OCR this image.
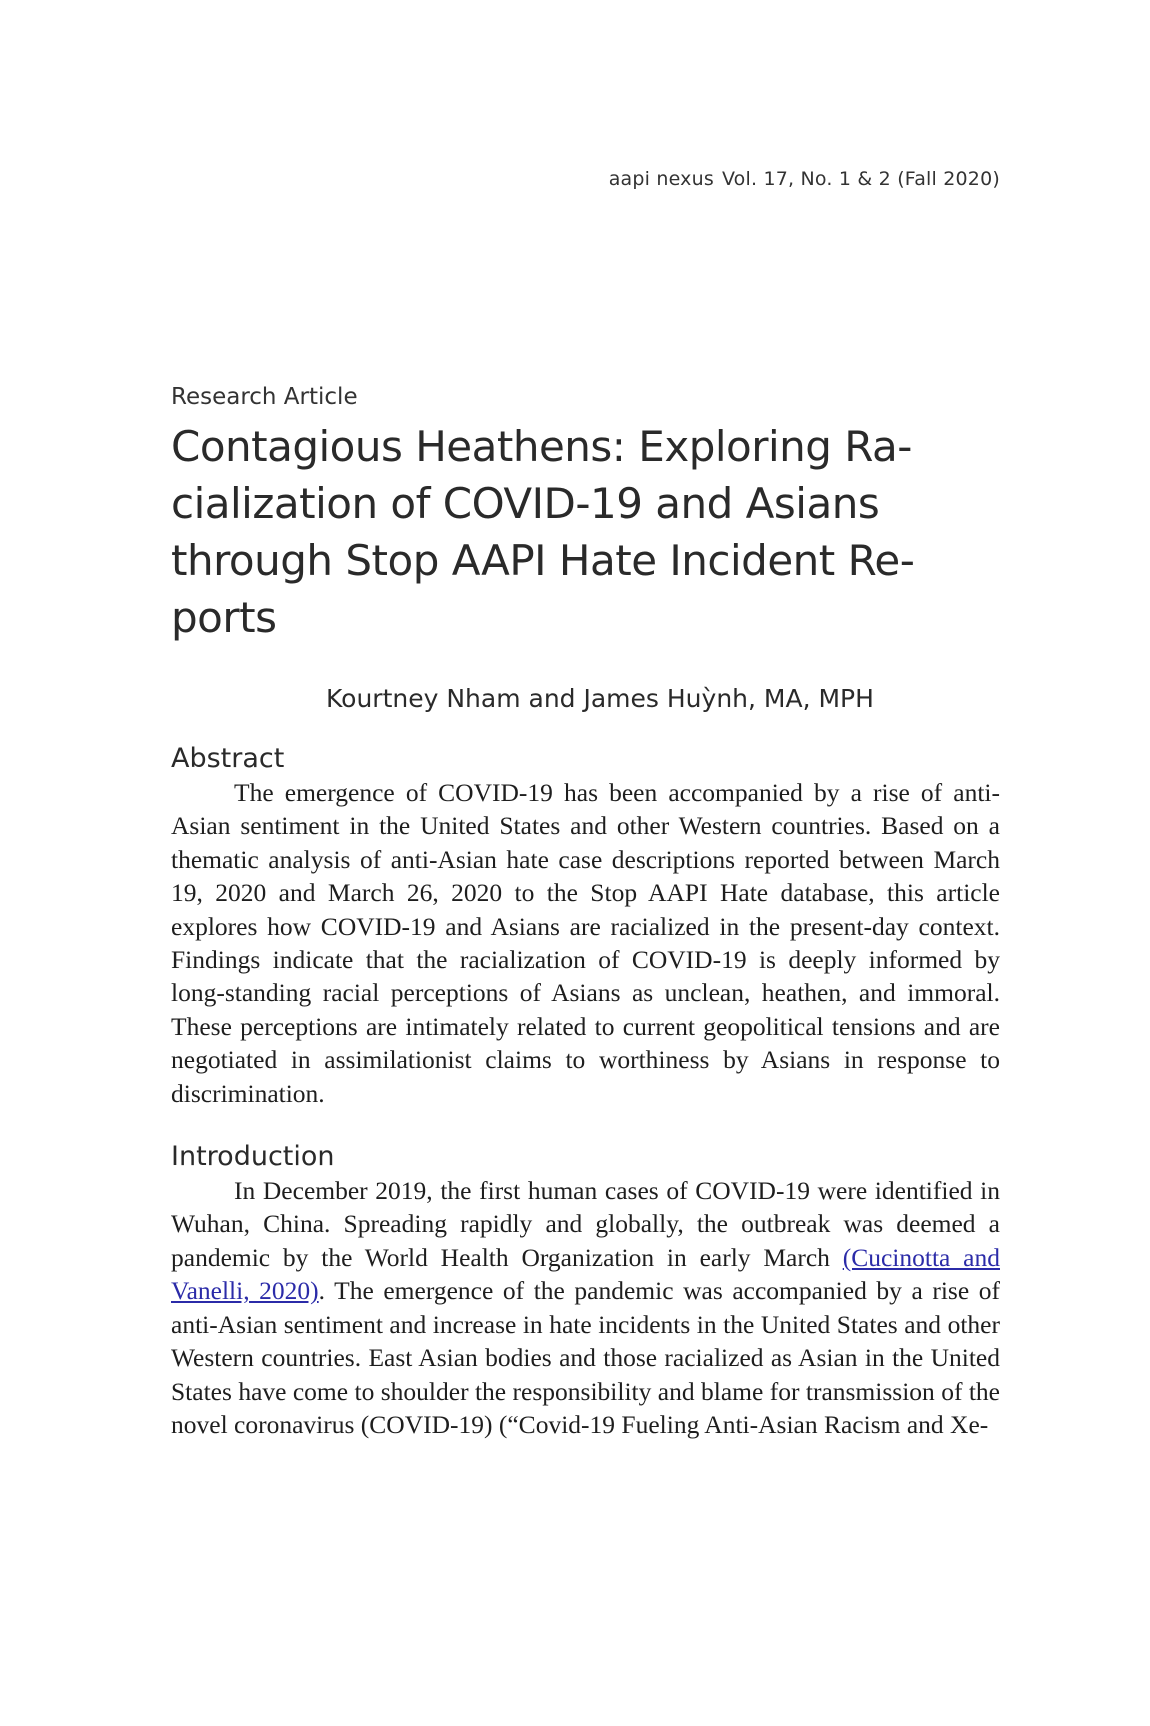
aapi nexus Vol. 17, No. 1 & 2 (Fall 2020)
Research Article
Contagious Heathens: Exploring Racialization of COVID-19 and Asians through Stop AAPI Hate Incident Reports
Kourtney Nham and James Huỳnh, MA, MPH
Abstract

The emergence of COVID-19 has been accompanied by a rise of anti-Asian sentiment in the United States and other Western countries. Based on a thematic analysis of anti-Asian hate case descriptions reported between March 19, 2020 and March 26, 2020 to the Stop AAPI Hate database, this article explores how COVID-19 and Asians are racialized in the present-day context. Findings indicate that the racialization of COVID-19 is deeply informed by long-standing racial perceptions of Asians as unclean, heathen, and immoral. These perceptions are intimately related to current geopolitical tensions and are negotiated in assimilationist claims to worthiness by Asians in response to discrimination.

Introduction

In December 2019, the first human cases of COVID-19 were identified in Wuhan, China. Spreading rapidly and globally, the outbreak was deemed a pandemic by the World Health Organization in early March (Cucinotta and Vanelli, 2020). The emergence of the pandemic was accompanied by a rise of anti-Asian sentiment and increase in hate incidents in the United States and other Western countries. East Asian bodies and those racialized as Asian in the United States have come to shoulder the responsibility and blame for transmission of the novel coronavirus (COVID-19) (“Covid-19 Fueling Anti-Asian Racism and Xe-
